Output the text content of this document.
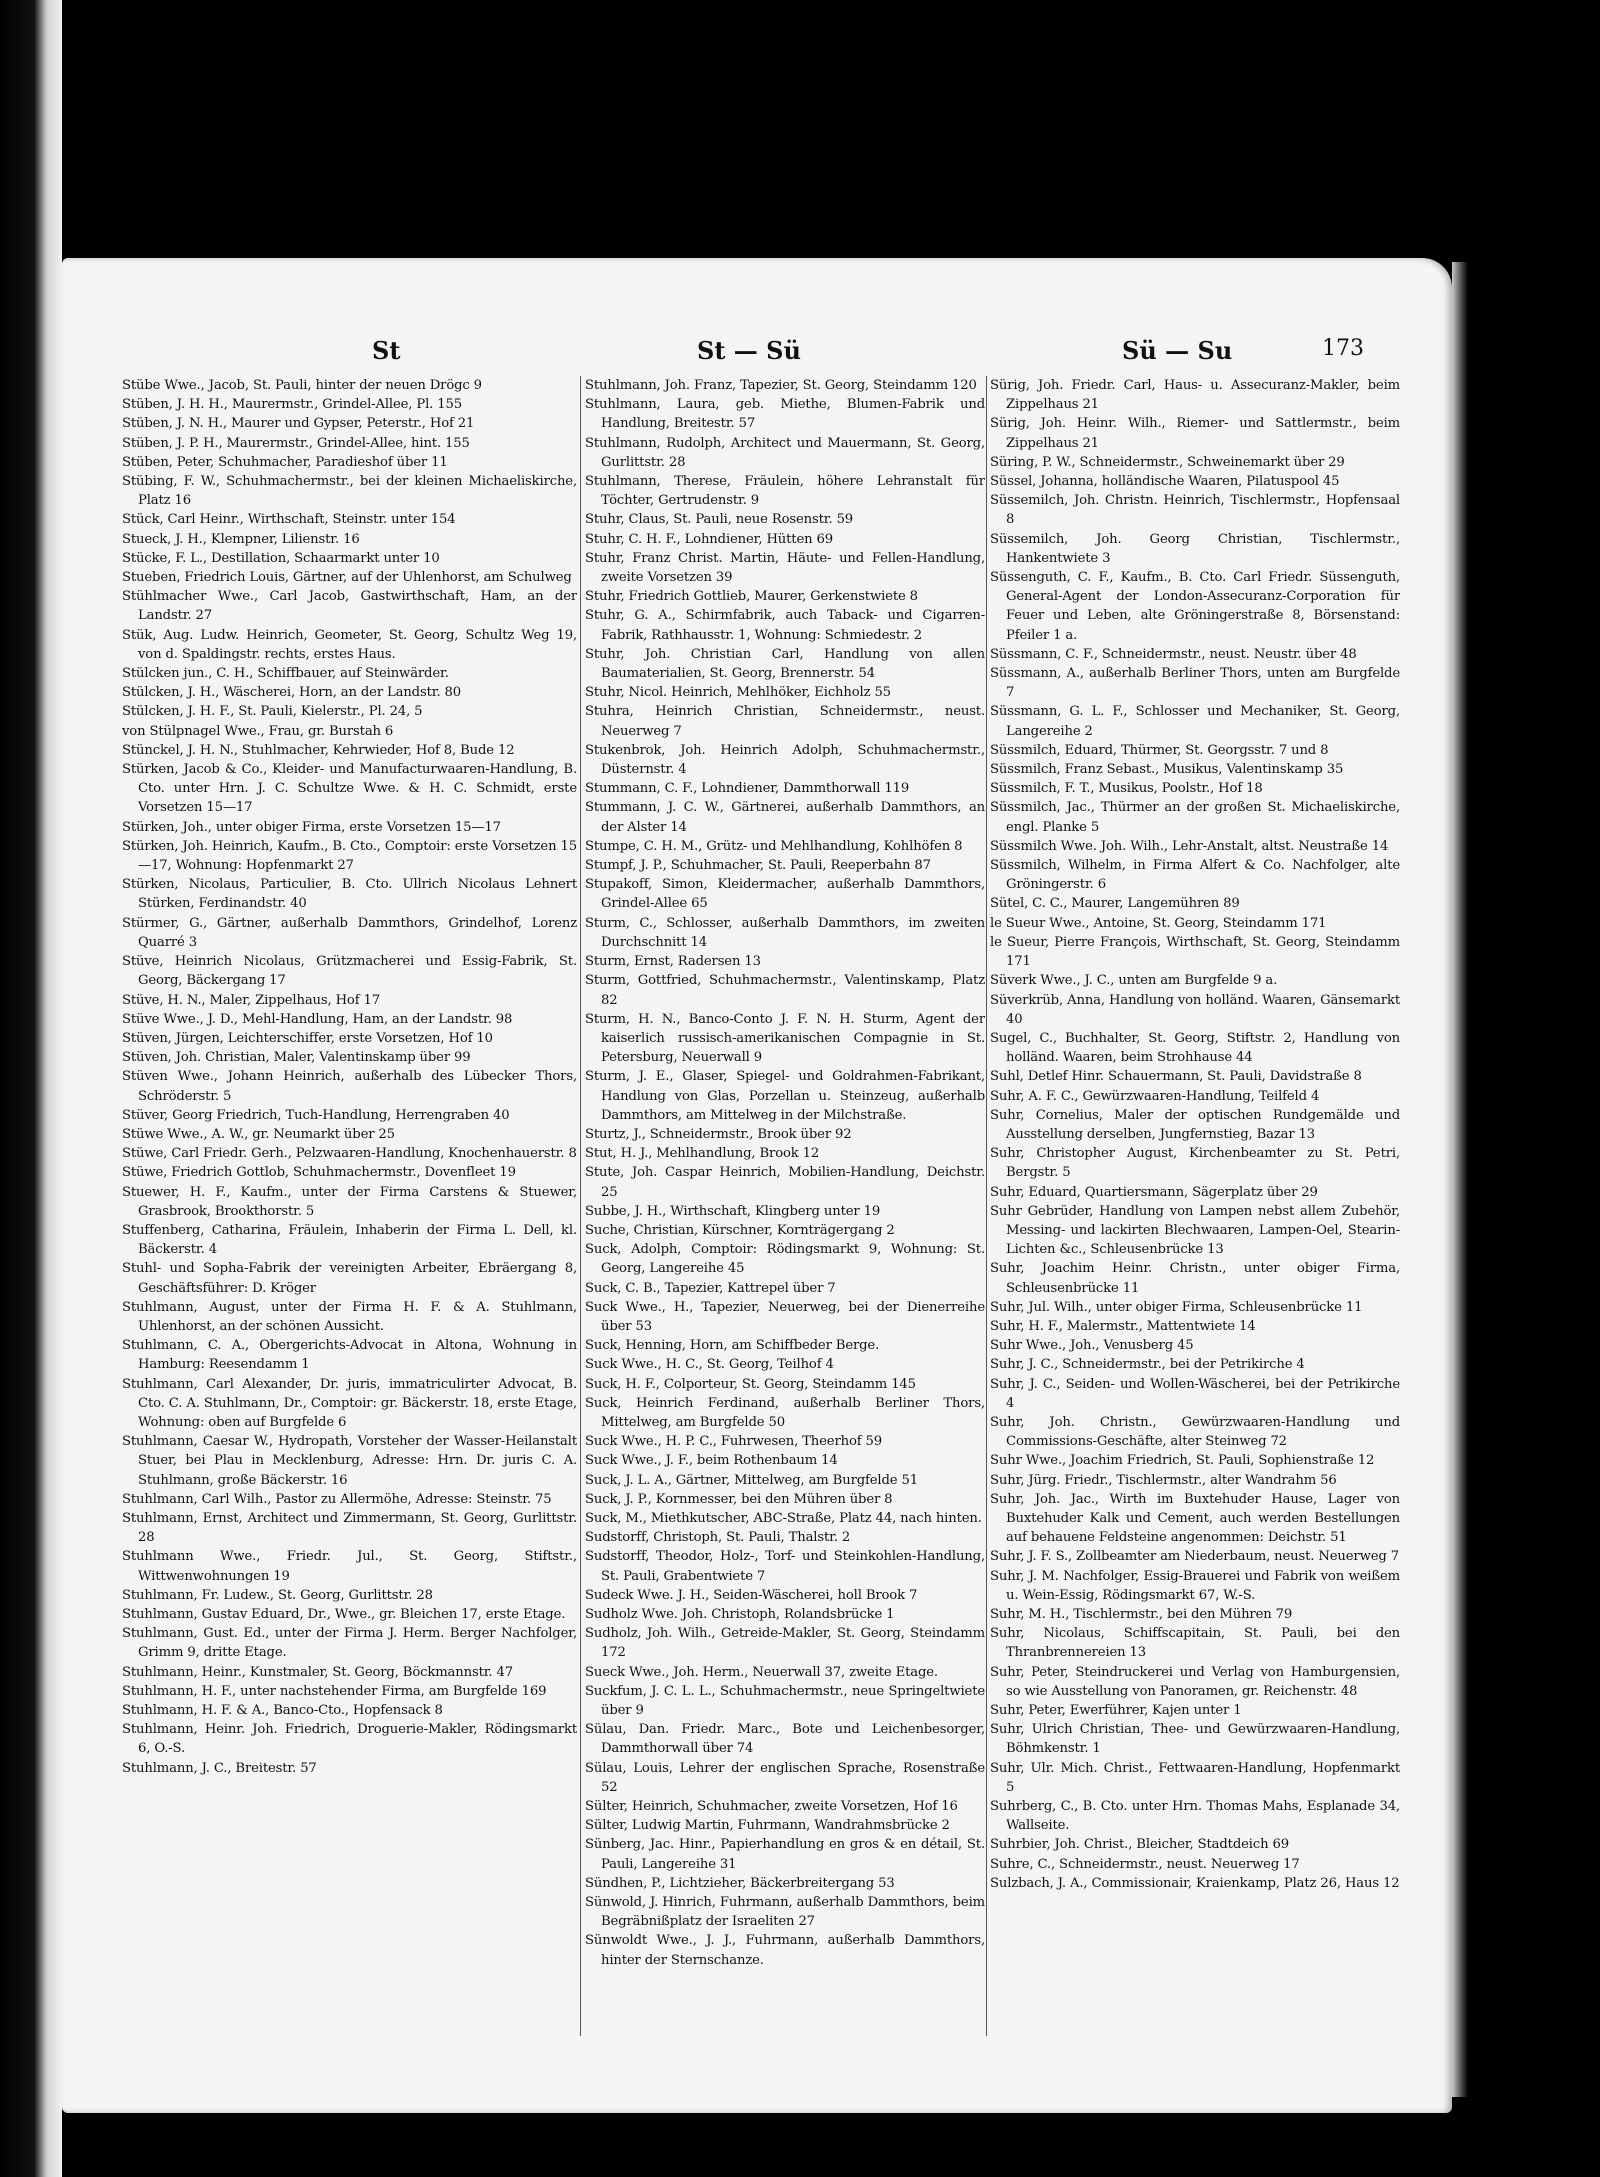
St	St — Sü	Sü — Su	173

Stübe Wwe., Jacob, St. Pauli, hinter der neuen Drögc 9

Stüben, J. H. H., Maurermstr., Grindel-Allee, Pl. 155

Stüben, J. N. H., Maurer und Gypser, Peterstr., Hof 21

Stüben, J. P. H., Maurermstr., Grindel-Allee, hint. 155

Stüben, Peter, Schuhmacher, Paradieshof über 11

Stübing, F. W., Schuhmachermstr., bei der kleinen Michaeliskirche, Platz 16

Stück, Carl Heinr., Wirthschaft, Steinstr. unter 154

Stueck, J. H., Klempner, Lilienstr. 16

Stücke, F. L., Destillation, Schaarmarkt unter 10

Stueben, Friedrich Louis, Gärtner, auf der Uhlenhorst, am Schulweg

Stühlmacher Wwe., Carl Jacob, Gastwirthschaft, Ham, an der Landstr. 27

Stük, Aug. Ludw. Heinrich, Geometer, St. Georg, Schultz Weg 19, von d. Spaldingstr. rechts, erstes Haus.

Stülcken jun., C. H., Schiffbauer, auf Steinwärder.

Stülcken, J. H., Wäscherei, Horn, an der Landstr. 80

Stülcken, J. H. F., St. Pauli, Kielerstr., Pl. 24, 5

von Stülpnagel Wwe., Frau, gr. Burstah 6

Stünckel, J. H. N., Stuhlmacher, Kehrwieder, Hof 8, Bude 12

Stürken, Jacob & Co., Kleider- und Manufacturwaaren-Handlung, B. Cto. unter Hrn. J. C. Schultze Wwe. & H. C. Schmidt, erste Vorsetzen 15—17

Stürken, Joh., unter obiger Firma, erste Vorsetzen 15—17

Stürken, Joh. Heinrich, Kaufm., B. Cto., Comptoir: erste Vorsetzen 15—17, Wohnung: Hopfenmarkt 27

Stürken, Nicolaus, Particulier, B. Cto. Ullrich Nicolaus Lehnert Stürken, Ferdinandstr. 40

Stürmer, G., Gärtner, außerhalb Dammthors, Grindelhof, Lorenz Quarré 3

Stüve, Heinrich Nicolaus, Grützmacherei und Essig-Fabrik, St. Georg, Bäckergang 17

Stüve, H. N., Maler, Zippelhaus, Hof 17

Stüve Wwe., J. D., Mehl-Handlung, Ham, an der Landstr. 98

Stüven, Jürgen, Leichterschiffer, erste Vorsetzen, Hof 10

Stüven, Joh. Christian, Maler, Valentinskamp über 99

Stüven Wwe., Johann Heinrich, außerhalb des Lübecker Thors, Schröderstr. 5

Stüver, Georg Friedrich, Tuch-Handlung, Herrengraben 40

Stüwe Wwe., A. W., gr. Neumarkt über 25

Stüwe, Carl Friedr. Gerh., Pelzwaaren-Handlung, Knochenhauerstr. 8

Stüwe, Friedrich Gottlob, Schuhmachermstr., Dovenfleet 19

Stuewer, H. F., Kaufm., unter der Firma Carstens & Stuewer, Grasbrook, Brookthorstr. 5

Stuffenberg, Catharina, Fräulein, Inhaberin der Firma L. Dell, kl. Bäckerstr. 4

Stuhl- und Sopha-Fabrik der vereinigten Arbeiter, Ebräergang 8, Geschäftsführer: D. Kröger

Stuhlmann, August, unter der Firma H. F. & A. Stuhlmann, Uhlenhorst, an der schönen Aussicht.

Stuhlmann, C. A., Obergerichts-Advocat in Altona, Wohnung in Hamburg: Reesendamm 1

Stuhlmann, Carl Alexander, Dr. juris, immatriculirter Advocat, B. Cto. C. A. Stuhlmann, Dr., Comptoir: gr. Bäckerstr. 18, erste Etage, Wohnung: oben auf Burgfelde 6

Stuhlmann, Caesar W., Hydropath, Vorsteher der Wasser-Heilanstalt Stuer, bei Plau in Mecklenburg, Adresse: Hrn. Dr. juris C. A. Stuhlmann, große Bäckerstr. 16

Stuhlmann, Carl Wilh., Pastor zu Allermöhe, Adresse: Steinstr. 75

Stuhlmann, Ernst, Architect und Zimmermann, St. Georg, Gurlittstr. 28

Stuhlmann Wwe., Friedr. Jul., St. Georg, Stiftstr., Wittwenwohnungen 19

Stuhlmann, Fr. Ludew., St. Georg, Gurlittstr. 28

Stuhlmann, Gustav Eduard, Dr., Wwe., gr. Bleichen 17, erste Etage.

Stuhlmann, Gust. Ed., unter der Firma J. Herm. Berger Nachfolger, Grimm 9, dritte Etage.

Stuhlmann, Heinr., Kunstmaler, St. Georg, Böckmannstr. 47

Stuhlmann, H. F., unter nachstehender Firma, am Burgfelde 169

Stuhlmann, H. F. & A., Banco-Cto., Hopfensack 8

Stuhlmann, Heinr. Joh. Friedrich, Droguerie-Makler, Rödingsmarkt 6, O.-S.

Stuhlmann, J. C., Breitestr. 57

Stuhlmann, Joh. Franz, Tapezier, St. Georg, Steindamm 120

Stuhlmann, Laura, geb. Miethe, Blumen-Fabrik und Handlung, Breitestr. 57

Stuhlmann, Rudolph, Architect und Mauermann, St. Georg, Gurlittstr. 28

Stuhlmann, Therese, Fräulein, höhere Lehranstalt für Töchter, Gertrudenstr. 9

Stuhr, Claus, St. Pauli, neue Rosenstr. 59

Stuhr, C. H. F., Lohndiener, Hütten 69

Stuhr, Franz Christ. Martin, Häute- und Fellen-Handlung, zweite Vorsetzen 39

Stuhr, Friedrich Gottlieb, Maurer, Gerkenstwiete 8

Stuhr, G. A., Schirmfabrik, auch Taback- und Cigarren-Fabrik, Rathhausstr. 1, Wohnung: Schmiedestr. 2

Stuhr, Joh. Christian Carl, Handlung von allen Baumaterialien, St. Georg, Brennerstr. 54

Stuhr, Nicol. Heinrich, Mehlhöker, Eichholz 55

Stuhra, Heinrich Christian, Schneidermstr., neust. Neuerweg 7

Stukenbrok, Joh. Heinrich Adolph, Schuhmachermstr., Düsternstr. 4

Stummann, C. F., Lohndiener, Dammthorwall 119

Stummann, J. C. W., Gärtnerei, außerhalb Dammthors, an der Alster 14

Stumpe, C. H. M., Grütz- und Mehlhandlung, Kohlhöfen 8

Stumpf, J. P., Schuhmacher, St. Pauli, Reeperbahn 87

Stupakoff, Simon, Kleidermacher, außerhalb Dammthors, Grindel-Allee 65

Sturm, C., Schlosser, außerhalb Dammthors, im zweiten Durchschnitt 14

Sturm, Ernst, Radersen 13

Sturm, Gottfried, Schuhmachermstr., Valentinskamp, Platz 82

Sturm, H. N., Banco-Conto J. F. N. H. Sturm, Agent der kaiserlich russisch-amerikanischen Compagnie in St. Petersburg, Neuerwall 9

Sturm, J. E., Glaser, Spiegel- und Goldrahmen-Fabrikant, Handlung von Glas, Porzellan u. Steinzeug, außerhalb Dammthors, am Mittelweg in der Milchstraße.

Sturtz, J., Schneidermstr., Brook über 92

Stut, H. J., Mehlhandlung, Brook 12

Stute, Joh. Caspar Heinrich, Mobilien-Handlung, Deichstr. 25

Subbe, J. H., Wirthschaft, Klingberg unter 19

Suche, Christian, Kürschner, Kornträgergang 2

Suck, Adolph, Comptoir: Rödingsmarkt 9, Wohnung: St. Georg, Langereihe 45

Suck, C. B., Tapezier, Kattrepel über 7

Suck Wwe., H., Tapezier, Neuerweg, bei der Dienerreihe über 53

Suck, Henning, Horn, am Schiffbeder Berge.

Suck Wwe., H. C., St. Georg, Teilhof 4

Suck, H. F., Colporteur, St. Georg, Steindamm 145

Suck, Heinrich Ferdinand, außerhalb Berliner Thors, Mittelweg, am Burgfelde 50

Suck Wwe., H. P. C., Fuhrwesen, Theerhof 59

Suck Wwe., J. F., beim Rothenbaum 14

Suck, J. L. A., Gärtner, Mittelweg, am Burgfelde 51

Suck, J. P., Kornmesser, bei den Mühren über 8

Suck, M., Miethkutscher, ABC-Straße, Platz 44, nach hinten.

Sudstorff, Christoph, St. Pauli, Thalstr. 2

Sudstorff, Theodor, Holz-, Torf- und Steinkohlen-Handlung, St. Pauli, Grabentwiete 7

Sudeck Wwe. J. H., Seiden-Wäscherei, holl Brook 7

Sudholz Wwe. Joh. Christoph, Rolandsbrücke 1

Sudholz, Joh. Wilh., Getreide-Makler, St. Georg, Steindamm 172

Sueck Wwe., Joh. Herm., Neuerwall 37, zweite Etage.

Suckfum, J. C. L. L., Schuhmachermstr., neue Springeltwiete über 9

Sülau, Dan. Friedr. Marc., Bote und Leichenbesorger, Dammthorwall über 74

Sülau, Louis, Lehrer der englischen Sprache, Rosenstraße 52

Sülter, Heinrich, Schuhmacher, zweite Vorsetzen, Hof 16

Sülter, Ludwig Martin, Fuhrmann, Wandrahmsbrücke 2

Sünberg, Jac. Hinr., Papierhandlung en gros & en détail, St. Pauli, Langereihe 31

Sündhen, P., Lichtzieher, Bäckerbreitergang 53

Sünwold, J. Hinrich, Fuhrmann, außerhalb Dammthors, beim Begräbnißplatz der Israeliten 27

Sünwoldt Wwe., J. J., Fuhrmann, außerhalb Dammthors, hinter der Sternschanze.

Sürig, Joh. Friedr. Carl, Haus- u. Assecuranz-Makler, beim Zippelhaus 21

Sürig, Joh. Heinr. Wilh., Riemer- und Sattlermstr., beim Zippelhaus 21

Süring, P. W., Schneidermstr., Schweinemarkt über 29

Süssel, Johanna, holländische Waaren, Pilatuspool 45

Süssemilch, Joh. Christn. Heinrich, Tischlermstr., Hopfensaal 8

Süssemilch, Joh. Georg Christian, Tischlermstr., Hankentwiete 3

Süssenguth, C. F., Kaufm., B. Cto. Carl Friedr. Süssenguth, General-Agent der London-Assecuranz-Corporation für Feuer und Leben, alte Gröningerstraße 8, Börsenstand: Pfeiler 1 a.

Süssmann, C. F., Schneidermstr., neust. Neustr. über 48

Süssmann, A., außerhalb Berliner Thors, unten am Burgfelde 7

Süssmann, G. L. F., Schlosser und Mechaniker, St. Georg, Langereihe 2

Süssmilch, Eduard, Thürmer, St. Georgsstr. 7 und 8

Süssmilch, Franz Sebast., Musikus, Valentinskamp 35

Süssmilch, F. T., Musikus, Poolstr., Hof 18

Süssmilch, Jac., Thürmer an der großen St. Michaeliskirche, engl. Planke 5

Süssmilch Wwe. Joh. Wilh., Lehr-Anstalt, altst. Neustraße 14

Süssmilch, Wilhelm, in Firma Alfert & Co. Nachfolger, alte Gröningerstr. 6

Sütel, C. C., Maurer, Langemühren 89

le Sueur Wwe., Antoine, St. Georg, Steindamm 171

le Sueur, Pierre François, Wirthschaft, St. Georg, Steindamm 171

Süverk Wwe., J. C., unten am Burgfelde 9 a.

Süverkrüb, Anna, Handlung von holländ. Waaren, Gänsemarkt 40

Sugel, C., Buchhalter, St. Georg, Stiftstr. 2, Handlung von holländ. Waaren, beim Strohhause 44

Suhl, Detlef Hinr. Schauermann, St. Pauli, Davidstraße 8

Suhr, A. F. C., Gewürzwaaren-Handlung, Teilfeld 4

Suhr, Cornelius, Maler der optischen Rundgemälde und Ausstellung derselben, Jungfernstieg, Bazar 13

Suhr, Christopher August, Kirchenbeamter zu St. Petri, Bergstr. 5

Suhr, Eduard, Quartiersmann, Sägerplatz über 29

Suhr Gebrüder, Handlung von Lampen nebst allem Zubehör, Messing- und lackirten Blechwaaren, Lampen-Oel, Stearin-Lichten &c., Schleusenbrücke 13

Suhr, Joachim Heinr. Christn., unter obiger Firma, Schleusenbrücke 11

Suhr, Jul. Wilh., unter obiger Firma, Schleusenbrücke 11

Suhr, H. F., Malermstr., Mattentwiete 14

Suhr Wwe., Joh., Venusberg 45

Suhr, J. C., Schneidermstr., bei der Petrikirche 4

Suhr, J. C., Seiden- und Wollen-Wäscherei, bei der Petrikirche 4

Suhr, Joh. Christn., Gewürzwaaren-Handlung und Commissions-Geschäfte, alter Steinweg 72

Suhr Wwe., Joachim Friedrich, St. Pauli, Sophienstraße 12

Suhr, Jürg. Friedr., Tischlermstr., alter Wandrahm 56

Suhr, Joh. Jac., Wirth im Buxtehuder Hause, Lager von Buxtehuder Kalk und Cement, auch werden Bestellungen auf behauene Feldsteine angenommen: Deichstr. 51

Suhr, J. F. S., Zollbeamter am Niederbaum, neust. Neuerweg 7

Suhr, J. M. Nachfolger, Essig-Brauerei und Fabrik von weißem u. Wein-Essig, Rödingsmarkt 67, W.-S.

Suhr, M. H., Tischlermstr., bei den Mühren 79

Suhr, Nicolaus, Schiffscapitain, St. Pauli, bei den Thranbrennereien 13

Suhr, Peter, Steindruckerei und Verlag von Hamburgensien, so wie Ausstellung von Panoramen, gr. Reichenstr. 48

Suhr, Peter, Ewerführer, Kajen unter 1

Suhr, Ulrich Christian, Thee- und Gewürzwaaren-Handlung, Böhmkenstr. 1

Suhr, Ulr. Mich. Christ., Fettwaaren-Handlung, Hopfenmarkt 5

Suhrberg, C., B. Cto. unter Hrn. Thomas Mahs, Esplanade 34, Wallseite.

Suhrbier, Joh. Christ., Bleicher, Stadtdeich 69

Suhre, C., Schneidermstr., neust. Neuerweg 17

Sulzbach, J. A., Commissionair, Kraienkamp, Platz 26, Haus 12
